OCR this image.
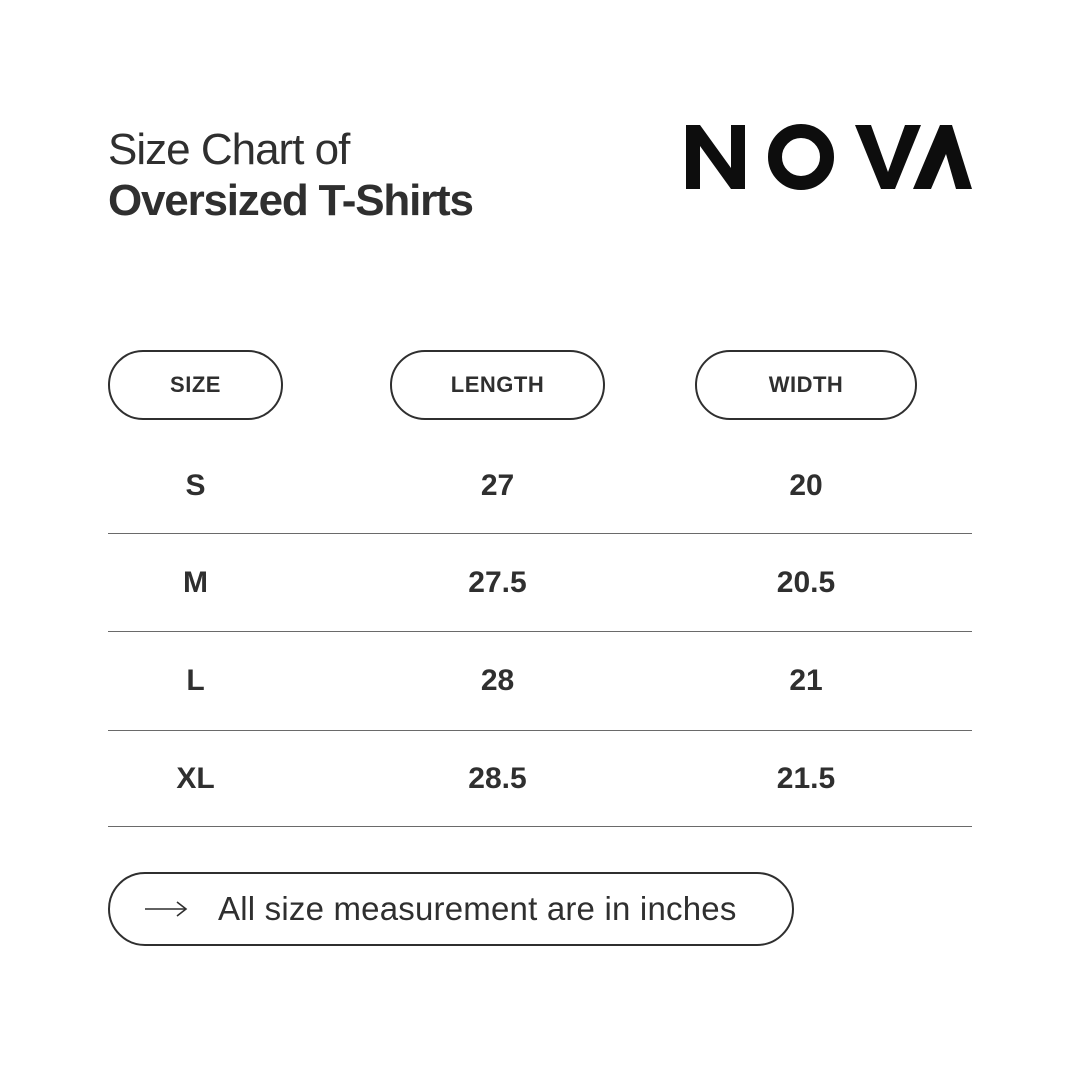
Size Chart of
Oversized T-Shirts
SIZE	LENGTH	WIDTH
S	27	20
M	27.5	20.5
L	28	21
XL	28.5	21.5
All size measurement are in inches
